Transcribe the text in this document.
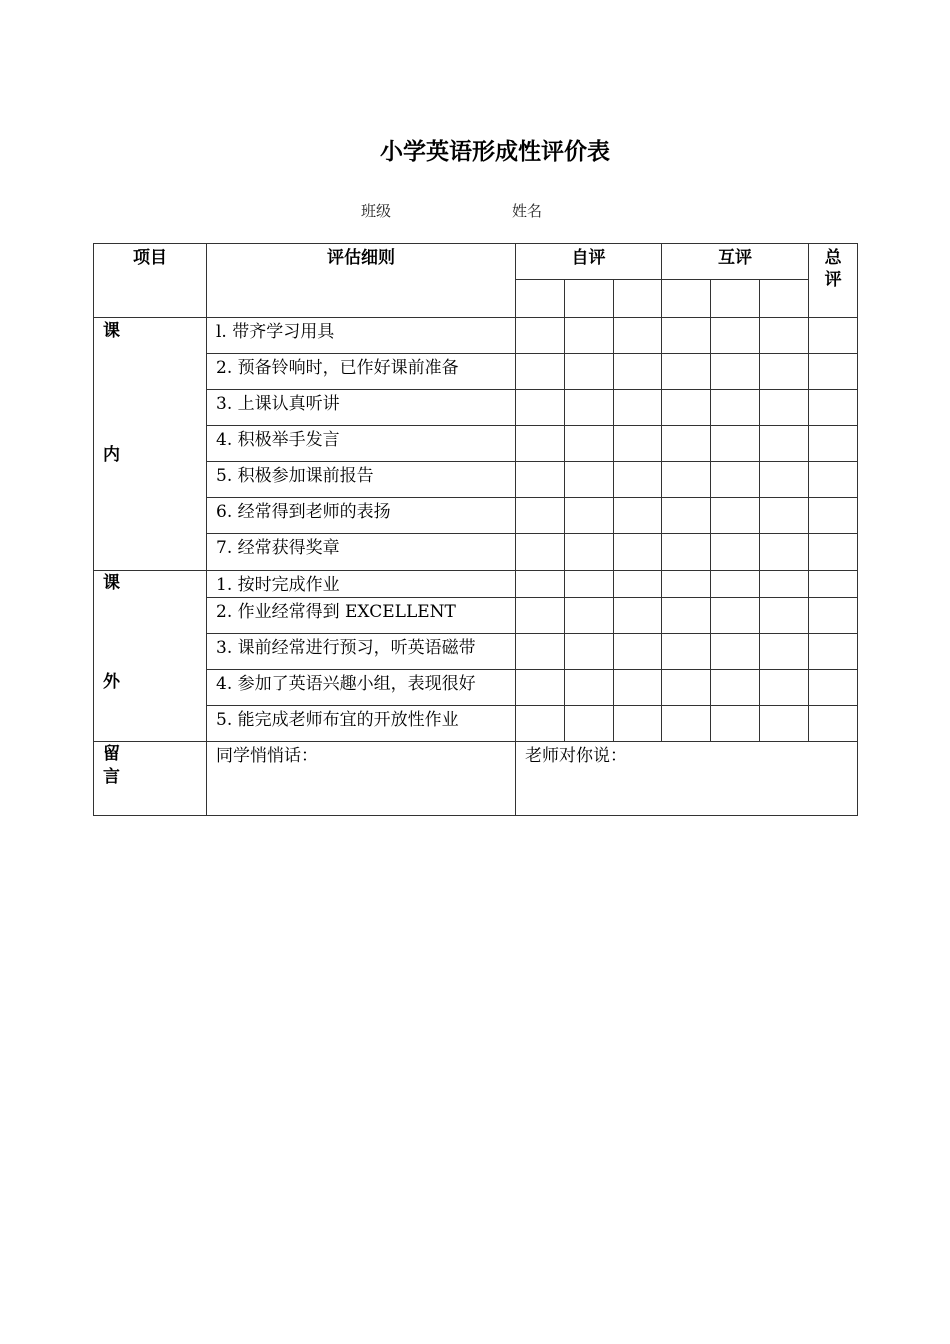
小学英语形成性评价表
班级	姓名
项目	评估细则	自评			互评			总
评

课
内	l. 带齐学习用具							
	2. 预备铃响时，已作好课前准备							
	3. 上课认真听讲							
	4. 积极举手发言							
	5. 积极参加课前报告							
	6. 经常得到老师的表扬							
	7. 经常获得奖章							

课
外	1. 按时完成作业							
	2. 作业经常得到 EXCELLENT							
	3. 课前经常进行预习，听英语磁带							
	4. 参加了英语兴趣小组，表现很好							
	5. 能完成老师布宜的开放性作业							

留
言	同学悄悄话：	老师对你说：						
